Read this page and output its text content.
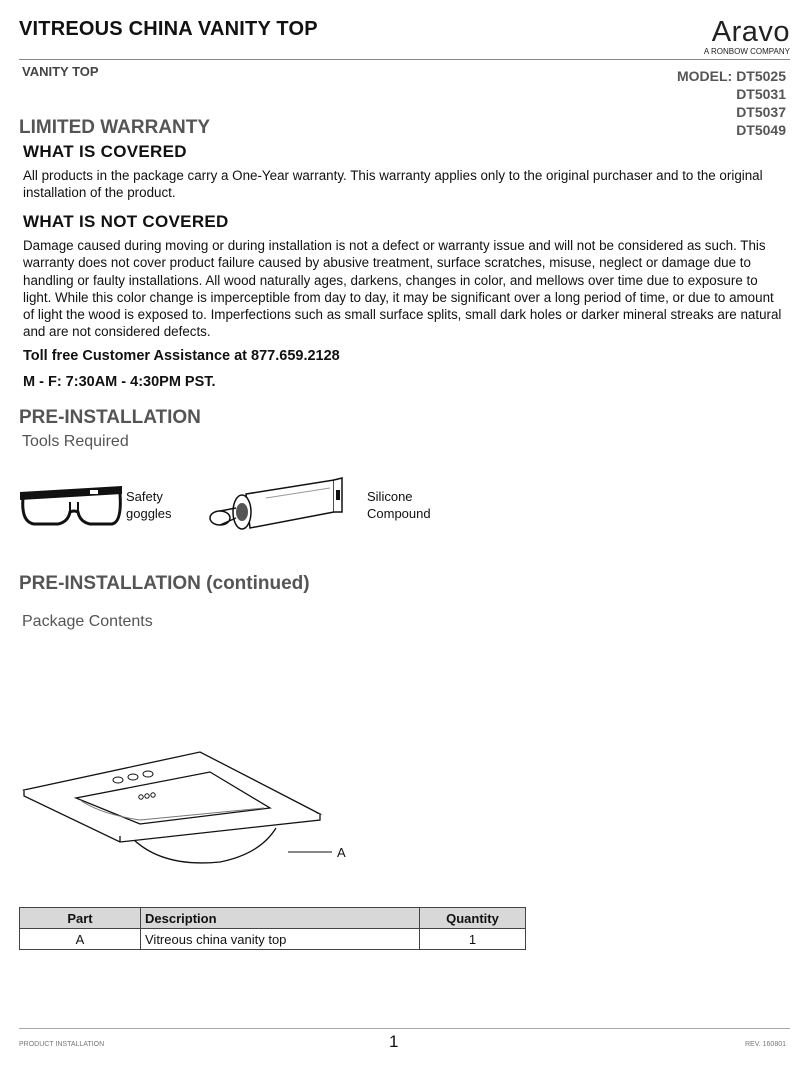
VITREOUS CHINA VANITY TOP	Aravo
A RONBOW COMPANY
VANITY TOP	MODEL: DT5025
DT5031
DT5037
DT5049
LIMITED WARRANTY
WHAT IS COVERED
All products in the package carry a One-Year warranty. This warranty applies only to the original purchaser and to the original installation of the product.
WHAT IS NOT COVERED
Damage caused during moving or during installation is not a defect or warranty issue and will not be considered as such. This warranty does not cover product failure caused by abusive treatment, surface scratches, misuse, neglect or damage due to handling or faulty installations. All wood naturally ages, darkens, changes in color, and mellows over time due to exposure to light. While this color change is imperceptible from day to day, it may be significant over a long period of time, or due to amount of light the wood is exposed to. Imperfections such as small surface splits, small dark holes or darker mineral streaks are natural and are not considered defects.
Toll free Customer Assistance at 877.659.2128
M - F: 7:30AM - 4:30PM PST.
PRE-INSTALLATION
Tools Required
Safety
goggles
Silicone
Compound
PRE-INSTALLATION (continued)
Package Contents
A
Part	Description	Quantity
A	Vitreous china vanity top	1
PRODUCT INSTALLATION	1	REV. 160801
